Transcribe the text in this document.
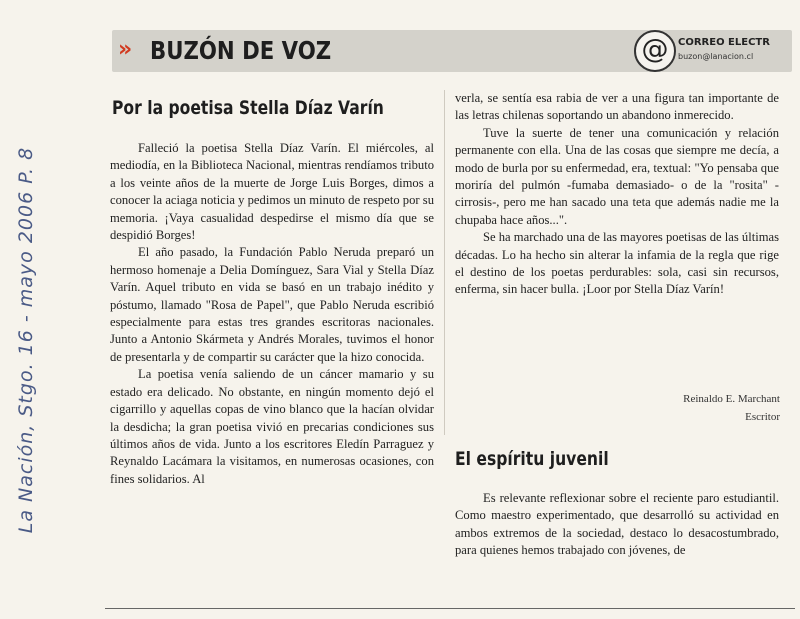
La Nación, Stgo. 16 - mayo 2006 P. 8
» BUZÓN DE VOZ	@ CORREO ELECTR
buzon@lanacion.cl
Por la poetisa Stella Díaz Varín

Falleció la poetisa Stella Díaz Varín. El miércoles, al mediodía, en la Biblioteca Nacional, mientras rendíamos tributo a los veinte años de la muerte de Jorge Luis Borges, dimos a conocer la aciaga noticia y pedimos un minuto de respeto por su memoria. ¡Vaya casualidad despedirse el mismo día que se despidió Borges!

El año pasado, la Fundación Pablo Neruda preparó un hermoso homenaje a Delia Domínguez, Sara Vial y Stella Díaz Varín. Aquel tributo en vida se basó en un trabajo inédito y póstumo, llamado "Rosa de Papel", que Pablo Neruda escribió especialmente para estas tres grandes escritoras nacionales. Junto a Antonio Skármeta y Andrés Morales, tuvimos el honor de presentarla y de compartir su carácter que la hizo conocida.

La poetisa venía saliendo de un cáncer mamario y su estado era delicado. No obstante, en ningún momento dejó el cigarrillo y aquellas copas de vino blanco que la hacían olvidar la desdicha; la gran poetisa vivió en precarias condiciones sus últimos años de vida. Junto a los escritores Eledín Parraguez y Reynaldo Lacámara la visitamos, en numerosas ocasiones, con fines solidarios. Al

verla, se sentía esa rabia de ver a una figura tan importante de las letras chilenas soportando un abandono inmerecido.

Tuve la suerte de tener una comunicación y relación permanente con ella. Una de las cosas que siempre me decía, a modo de burla por su enfermedad, era, textual: "Yo pensaba que moriría del pulmón -fumaba demasiado- o de la "rosita" -cirrosis-, pero me han sacado una teta que además nadie me la chupaba hace años...".

Se ha marchado una de las mayores poetisas de las últimas décadas. Lo ha hecho sin alterar la infamia de la regla que rige el destino de los poetas perdurables: sola, casi sin recursos, enferma, sin hacer bulla. ¡Loor por Stella Díaz Varín!

Reinaldo E. Marchant
Escritor
El espíritu juvenil

Es relevante reflexionar sobre el reciente paro estudiantil. Como maestro experimentado, que desarrolló su actividad en ambos extremos de la sociedad, destaco lo desacostumbrado, para quienes hemos trabajado con jóvenes, de
